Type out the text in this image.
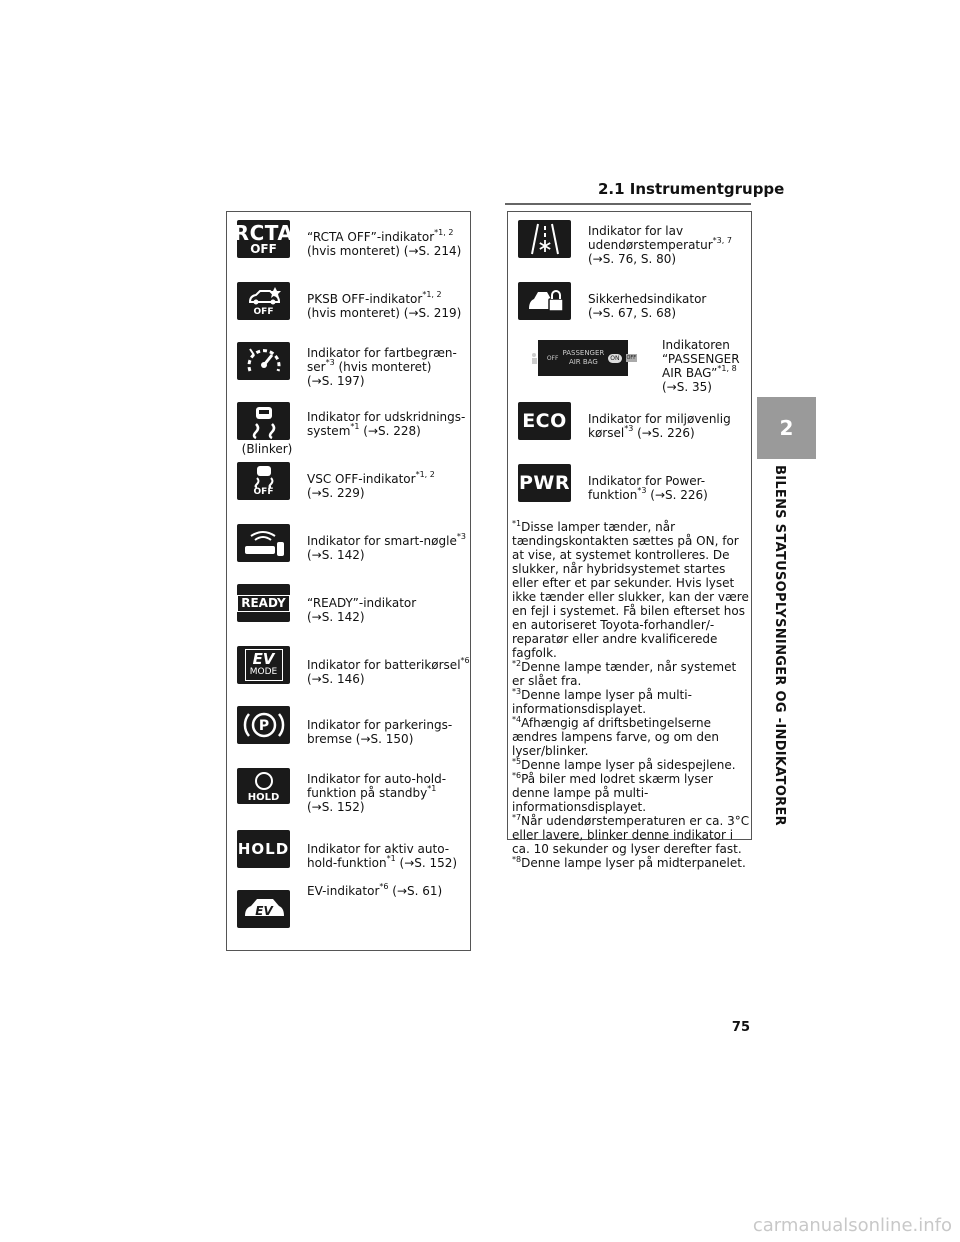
2.1 Instrumentgruppe
RCTA
OFF
“RCTA OFF”-indikator$^{*1, 2}$
(hvis monteret) (→S. 214)
OFF
PKSB OFF-indikator$^{*1, 2}$
(hvis monteret) (→S. 219)
Indikator for fartbegræn-
ser$^{*3}$ (hvis monteret)
(→S. 197)
(Blinker)
Indikator for udskridnings-
system$^{*1}$ (→S. 228)
OFF
VSC OFF-indikator$^{*1, 2}$
(→S. 229)
Indikator for smart-nøgle$^{*3}$
(→S. 142)
READY	“READY”-indikator
(→S. 142)
EV
MODE Indikator for batterikørsel$^{*6}$
(→S. 146)
P	Indikator for parkerings-
bremse (→S. 150)
HOLD
Indikator for auto-hold-
funktion på standby$^{*1}$
(→S. 152)
HOLD Indikator for aktiv auto-
hold-funktion$^{*1}$ (→S. 152)
EV
EV-indikator$^{*6}$ (→S. 61)
Indikator for lav
udendørstemperatur$^{*3, 7}$
(→S. 76, S. 80)
Sikkerhedsindikator
(→S. 67, S. 68)
OFF
PASSENGER
AIR BAG	ON	OFF
Indikatoren
“PASSENGER
AIR BAG”$^{*1, 8}$
(→S. 35)
ECO Indikator for miljøvenlig
kørsel$^{*3}$ (→S. 226)
PWR Indikator for Power-
funktion$^{*3}$ (→S. 226)

$^{*1}$Disse lamper tænder, når tændingskontakten sættes på ON, for at vise, at systemet kontrolleres. De slukker, når hybridsystemet startes eller efter et par sekunder. Hvis lyset ikke tænder eller slukker, kan der være en fejl i systemet. Få bilen efterset hos en autoriseret Toyota-forhandler/-reparatør eller andre kvalificerede fagfolk.

$^{*2}$Denne lampe tænder, når systemet er slået fra.

$^{*3}$Denne lampe lyser på multi-informationsdisplayet.

$^{*4}$Afhængig af driftsbetingelserne ændres lampens farve, og om den lyser/blinker.

$^{*5}$Denne lampe lyser på sidespejlene.

$^{*6}$På biler med lodret skærm lyser denne lampe på multi-informationsdisplayet.

$^{*7}$Når udendørstemperaturen er ca. 3°C eller lavere, blinker denne indikator i ca. 10 sekunder og lyser derefter fast.

$^{*8}$Denne lampe lyser på midterpanelet.

2
BILENS STATUSOPLYSNINGER OG -INDIKATORER
75
carmanualsonline.info
